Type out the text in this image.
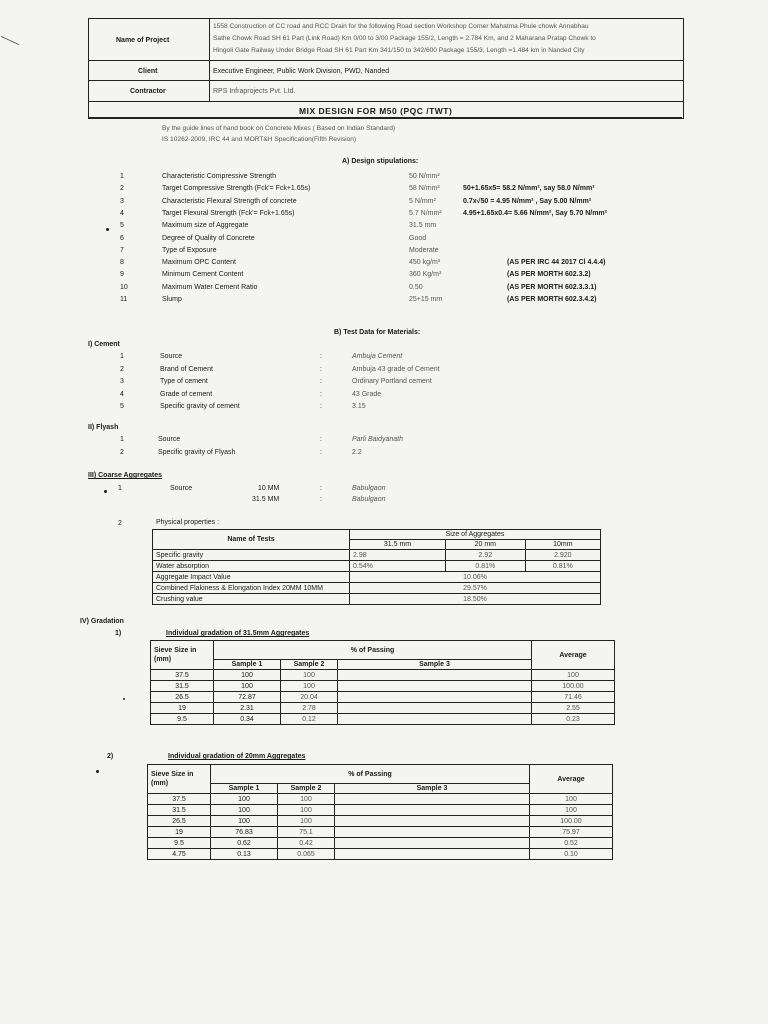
Name of Project
1558 Construction of CC road and RCC Drain for the following Road section Workshop Corner Mahatma Phule chowk Annabhau
Sathe Chowk Road SH 61 Part (Link Road) Km 0/00 to 3/00 Package 155/2, Length = 2.784 Km, and 2 Maharana Pratap Chowk to
Hingoli Gate Railway Under Bridge Road SH 61 Part Km 341/150 to 342/600 Package 155/3, Length =1.484 km in Nanded City
Client	Executive Engineer, Public Work Division, PWD, Nanded
Contractor	RPS Infraprojects Pvt. Ltd.
MIX DESIGN FOR M50 (PQC /TWT)
By the guide lines of hand book on Concrete Mixes ( Based on Indian Standard)
IS 10262-2009, IRC 44 and MORT&H Specification(Fifth Revision)
A) Design stipulations:
1	Characteristic Compressive Strength	50 N/mm²
2	Target Compressive Strength (Fck'= Fck+1.65s)	58 N/mm²	50+1.65x5= 58.2 N/mm², say 58.0 N/mm²
3	Characteristic Flexural Strength of concrete	5 N/mm²	0.7x√50 = 4.95 N/mm² , Say 5.00 N/mm²
4	Target Flexural Strength (Fck'= Fck+1.65s)	5.7 N/mm²	4.95+1.65x0.4= 5.66 N/mm², Say 5.70 N/mm²
5	Maximum size of Aggregate	31.5 mm
6	Degree of Quality of Concrete	Good
7	Type of Exposure	Moderate
8	Maximum OPC Content	450 kg/m³	(AS PER IRC 44 2017 Cl 4.4.4)
9	Minimum Cement Content	360 Kg/m³	(AS PER MORTH 602.3.2)
10	Maximum Water Cement Ratio	0.50	(AS PER MORTH 602.3.3.1)
11	Slump	25+15 mm	(AS PER MORTH 602.3.4.2)
B) Test Data for Materials:
I) Cement
1	Source	:	Ambuja Cement
2	Brand of Cement	:	Ambuja 43 grade of Cement
3	Type of cement	:	Ordinary Portland cement
4	Grade of cement	:	43 Grade
5	Specific gravity of cement	:	3.15
II) Flyash
1	Source	:	Parli Baidyanath
2	Specific gravity of Flyash	:	2.2
III) Coarse Aggregates
1	Source	10 MM	:	Babulgaon
31.5 MM	:	Babulgaon
2	Physical properties :
Name of Tests	Size of Aggregates		
	31.5 mm	20 mm	10mm
Specific gravity	2.98	2.92	2.920
Water absorption	0.54%	0.81%	0.81%
Aggregate Impact Value	10.06%		
Combined Flakiness & Elongation Index 20MM 10MM	29.57%		
Crushing value	18.50%		
IV) Gradation
1)	Individual gradation of 31.5mm Aggregates
Sieve Size in (mm)	% of Passing			Average
	Sample 1	Sample 2	Sample 3	
37.5	100	100		100
31.5	100	100		100.00
26.5	72.87	20.04		71.46
19	2.31	2.78		2.55
9.5	0.34	0.12		0.23
2)	Individual gradation of 20mm Aggregates
Sieve Size in (mm)	% of Passing			Average
	Sample 1	Sample 2	Sample 3	
37.5	100	100		100
31.5	100	100		100
26.5	100	100		100.00
19	76.83	75.1		75.97
9.5	0.62	0.42		0.52
4.75	0.13	0.065		0.10
